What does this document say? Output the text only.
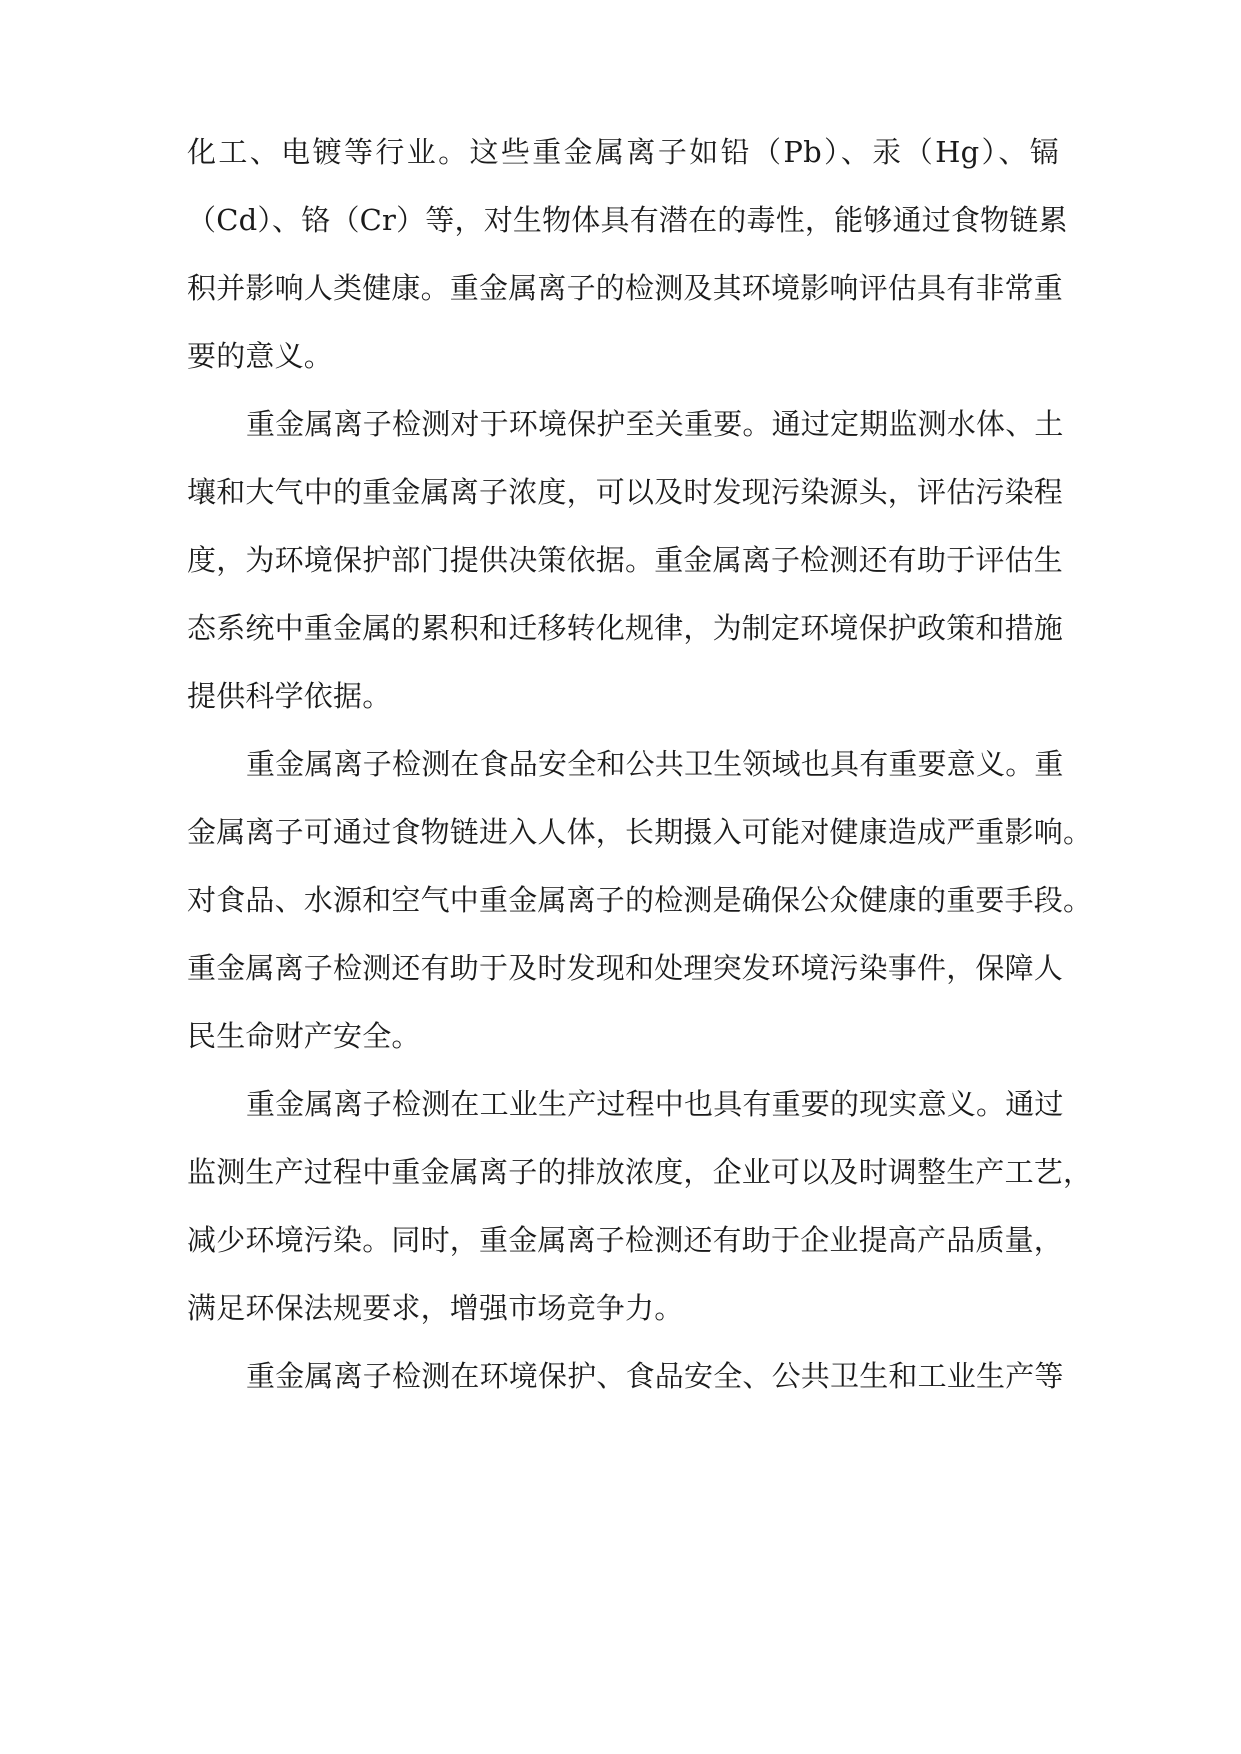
化工、电镀等行业。这些重金属离子如铅（Pb）、汞（Hg）、镉
（Cd）、铬（Cr）等，对生物体具有潜在的毒性，能够通过食物链累
积并影响人类健康。重金属离子的检测及其环境影响评估具有非常重
要的意义。
重金属离子检测对于环境保护至关重要。通过定期监测水体、土
壤和大气中的重金属离子浓度，可以及时发现污染源头，评估污染程
度，为环境保护部门提供决策依据。重金属离子检测还有助于评估生
态系统中重金属的累积和迁移转化规律，为制定环境保护政策和措施
提供科学依据。
重金属离子检测在食品安全和公共卫生领域也具有重要意义。重
金属离子可通过食物链进入人体，长期摄入可能对健康造成严重影响。
对食品、水源和空气中重金属离子的检测是确保公众健康的重要手段。
重金属离子检测还有助于及时发现和处理突发环境污染事件，保障人
民生命财产安全。
重金属离子检测在工业生产过程中也具有重要的现实意义。通过
监测生产过程中重金属离子的排放浓度，企业可以及时调整生产工艺，
减少环境污染。同时，重金属离子检测还有助于企业提高产品质量，
满足环保法规要求，增强市场竞争力。
重金属离子检测在环境保护、食品安全、公共卫生和工业生产等
